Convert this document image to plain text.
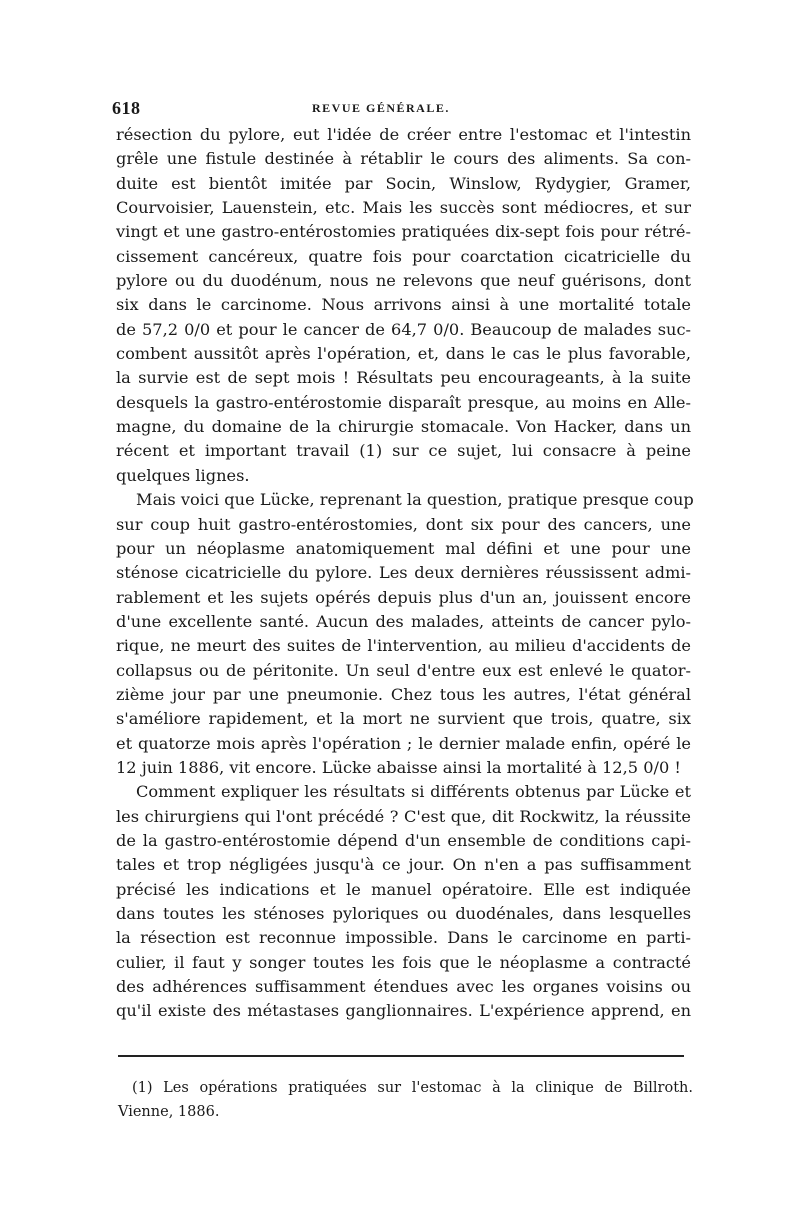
618	REVUE GÉNÉRALE.
résection du pylore, eut l'idée de créer entre l'estomac et l'intestin
grêle une fistule destinée à rétablir le cours des aliments. Sa con-
duite est bientôt imitée par Socin, Winslow, Rydygier, Gramer,
Courvoisier, Lauenstein, etc. Mais les succès sont médiocres, et sur
vingt et une gastro-entérostomies pratiquées dix-sept fois pour rétré-
cissement cancéreux, quatre fois pour coarctation cicatricielle du
pylore ou du duodénum, nous ne relevons que neuf guérisons, dont
six dans le carcinome. Nous arrivons ainsi à une mortalité totale
de 57,2 0/0 et pour le cancer de 64,7 0/0. Beaucoup de malades suc-
combent aussitôt après l'opération, et, dans le cas le plus favorable,
la survie est de sept mois ! Résultats peu encourageants, à la suite
desquels la gastro-entérostomie disparaît presque, au moins en Alle-
magne, du domaine de la chirurgie stomacale. Von Hacker, dans un
récent et important travail (1) sur ce sujet, lui consacre à peine
quelques lignes.
Mais voici que Lücke, reprenant la question, pratique presque coup
sur coup huit gastro-entérostomies, dont six pour des cancers, une
pour un néoplasme anatomiquement mal défini et une pour une
sténose cicatricielle du pylore. Les deux dernières réussissent admi-
rablement et les sujets opérés depuis plus d'un an, jouissent encore
d'une excellente santé. Aucun des malades, atteints de cancer pylo-
rique, ne meurt des suites de l'intervention, au milieu d'accidents de
collapsus ou de péritonite. Un seul d'entre eux est enlevé le quator-
zième jour par une pneumonie. Chez tous les autres, l'état général
s'améliore rapidement, et la mort ne survient que trois, quatre, six
et quatorze mois après l'opération ; le dernier malade enfin, opéré le
12 juin 1886, vit encore. Lücke abaisse ainsi la mortalité à 12,5 0/0 !
Comment expliquer les résultats si différents obtenus par Lücke et
les chirurgiens qui l'ont précédé ? C'est que, dit Rockwitz, la réussite
de la gastro-entérostomie dépend d'un ensemble de conditions capi-
tales et trop négligées jusqu'à ce jour. On n'en a pas suffisamment
précisé les indications et le manuel opératoire. Elle est indiquée
dans toutes les sténoses pyloriques ou duodénales, dans lesquelles
la résection est reconnue impossible. Dans le carcinome en parti-
culier, il faut y songer toutes les fois que le néoplasme a contracté
des adhérences suffisamment étendues avec les organes voisins ou
qu'il existe des métastases ganglionnaires. L'expérience apprend, en
(1) Les opérations pratiquées sur l'estomac à la clinique de Billroth.
Vienne, 1886.
